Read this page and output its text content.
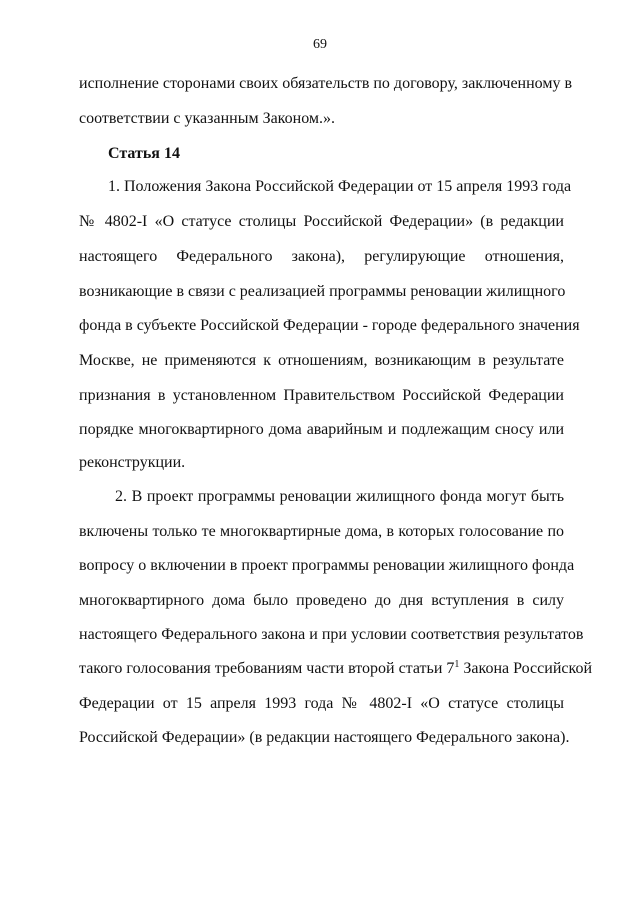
69
исполнение сторонами своих обязательств по договору, заключенному в
соответствии с указанным Законом.».
Статья 14
1. Положения Закона Российской Федерации от 15 апреля 1993 года
№ 4802-I «О статусе столицы Российской Федерации» (в редакции
настоящего Федерального закона), регулирующие отношения,
возникающие в связи с реализацией программы реновации жилищного
фонда в субъекте Российской Федерации - городе федерального значения
Москве, не применяются к отношениям, возникающим в результате
признания в установленном Правительством Российской Федерации
порядке многоквартирного дома аварийным и подлежащим сносу или
реконструкции.
2. В проект программы реновации жилищного фонда могут быть
включены только те многоквартирные дома, в которых голосование по
вопросу о включении в проект программы реновации жилищного фонда
многоквартирного дома было проведено до дня вступления в силу
настоящего Федерального закона и при условии соответствия результатов
такого голосования требованиям части второй статьи $7^1$ Закона Российской
Федерации от 15 апреля 1993 года № 4802-I «О статусе столицы
Российской Федерации» (в редакции настоящего Федерального закона).
